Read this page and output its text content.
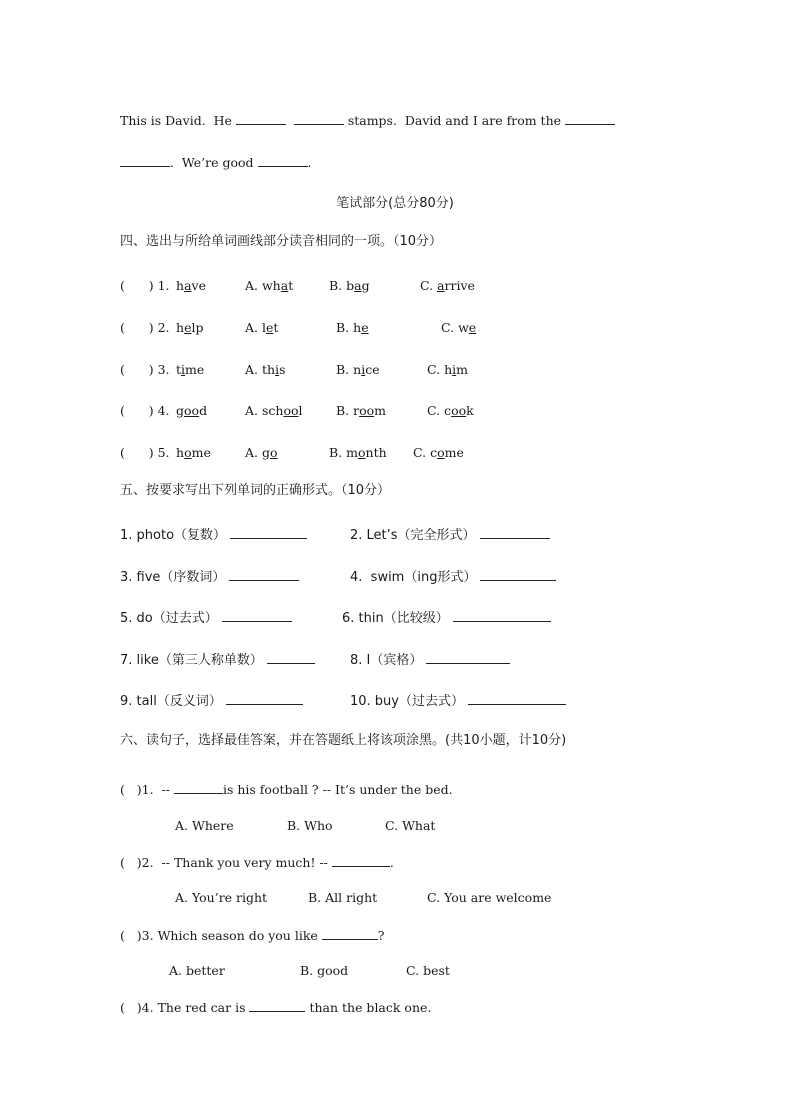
This is David.  He	stamps.  David and I are from the
.  We’re good	.
笔试部分(总分80分)
四、选出与所给单词画线部分读音相同的一项。（10分）
(      ) 1. have	A. what	B. bag	C. arrive
(      ) 2. help	A. let	B. he	C. we
(      ) 3. time	A. this	B. nice	C. him
(      ) 4. good	A. school	B. room	C. cook
(      ) 5. home	A. go	B. month C. come
五、按要求写出下列单词的正确形式。（10分）
1. photo（复数）	2. Let’s（完全形式）
3. five（序数词）	4.  swim（ing形式）
5. do（过去式）	6. thin（比较级）
7. like（第三人称单数）	8. I（宾格）
9. tall（反义词）	10. buy（过去式）
六、读句子，选择最佳答案，并在答题纸上将该项涂黑。(共10小题，计10分)
(   )1.  --	is his football ? -- It’s under the bed.
A. Where	B. Who	C. What
(   )2.  -- Thank you very much! --	.
A. You’re right	B. All right	C. You are welcome
(   )3. Which season do you like	?
A. better	B. good	C. best
(   )4. The red car is	than the black one.
